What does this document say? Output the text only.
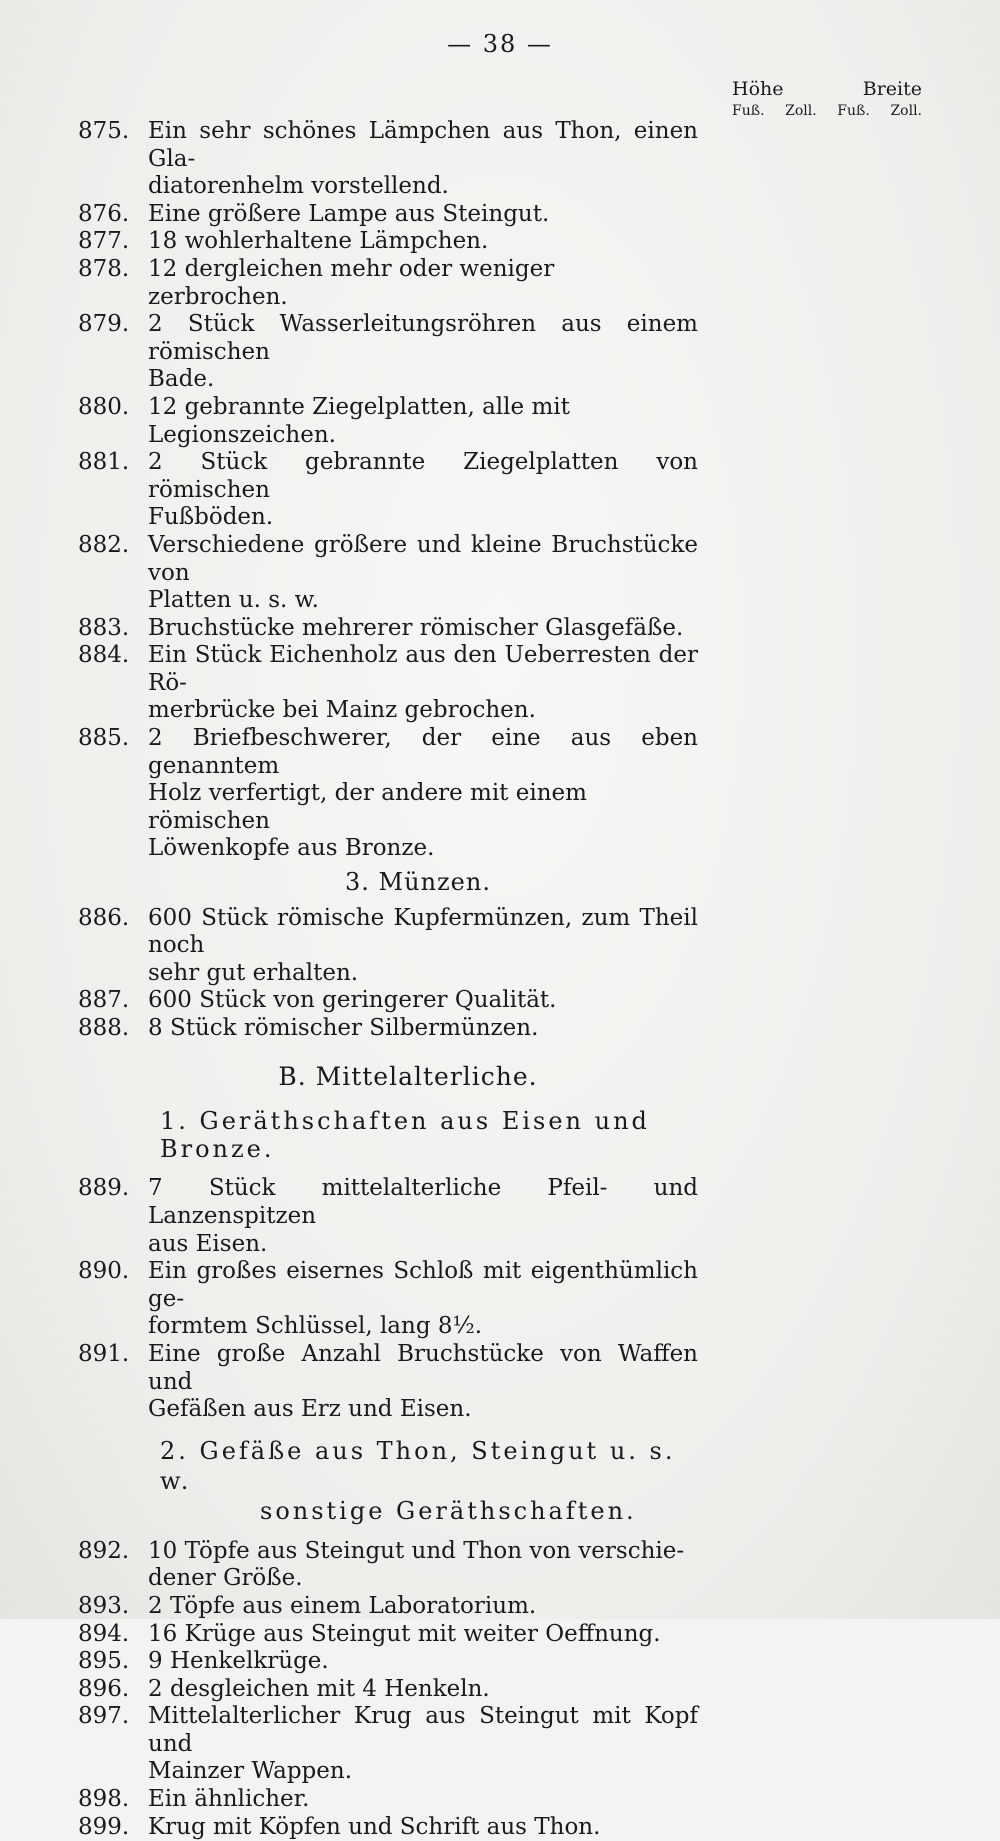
— 38 —
Höhe	Breite
Fuß. Zoll. Fuß. Zoll.
875. Ein sehr schönes Lämpchen aus Thon, einen Gla-
diatorenhelm vorstellend.
876. Eine größere Lampe aus Steingut.
877. 18 wohlerhaltene Lämpchen.
878. 12 dergleichen mehr oder weniger zerbrochen.
879. 2 Stück Wasserleitungsröhren aus einem römischen
Bade.
880. 12 gebrannte Ziegelplatten, alle mit Legionszeichen.
881. 2 Stück gebrannte Ziegelplatten von römischen
Fußböden.
882. Verschiedene größere und kleine Bruchstücke von
Platten u. s. w.
883. Bruchstücke mehrerer römischer Glasgefäße.
884. Ein Stück Eichenholz aus den Ueberresten der Rö-
merbrücke bei Mainz gebrochen.
885. 2 Briefbeschwerer, der eine aus eben genanntem
Holz verfertigt, der andere mit einem römischen
Löwenkopfe aus Bronze.
3. Münzen.
886. 600 Stück römische Kupfermünzen, zum Theil noch
sehr gut erhalten.
887. 600 Stück von geringerer Qualität.
888. 8 Stück römischer Silbermünzen.
B. Mittelalterliche.
1. Geräthschaften aus Eisen und Bronze.
889. 7 Stück mittelalterliche Pfeil- und Lanzenspitzen
aus Eisen.
890. Ein großes eisernes Schloß mit eigenthümlich ge-
formtem Schlüssel, lang 8½.
891. Eine große Anzahl Bruchstücke von Waffen und
Gefäßen aus Erz und Eisen.
2. Gefäße aus Thon, Steingut u. s. w.
sonstige Geräthschaften.
892. 10 Töpfe aus Steingut und Thon von verschie-
dener Größe.
893. 2 Töpfe aus einem Laboratorium.
894. 16 Krüge aus Steingut mit weiter Oeffnung.
895. 9 Henkelkrüge.
896. 2 desgleichen mit 4 Henkeln.
897. Mittelalterlicher Krug aus Steingut mit Kopf und
Mainzer Wappen.
898. Ein ähnlicher.
899. Krug mit Köpfen und Schrift aus Thon.
